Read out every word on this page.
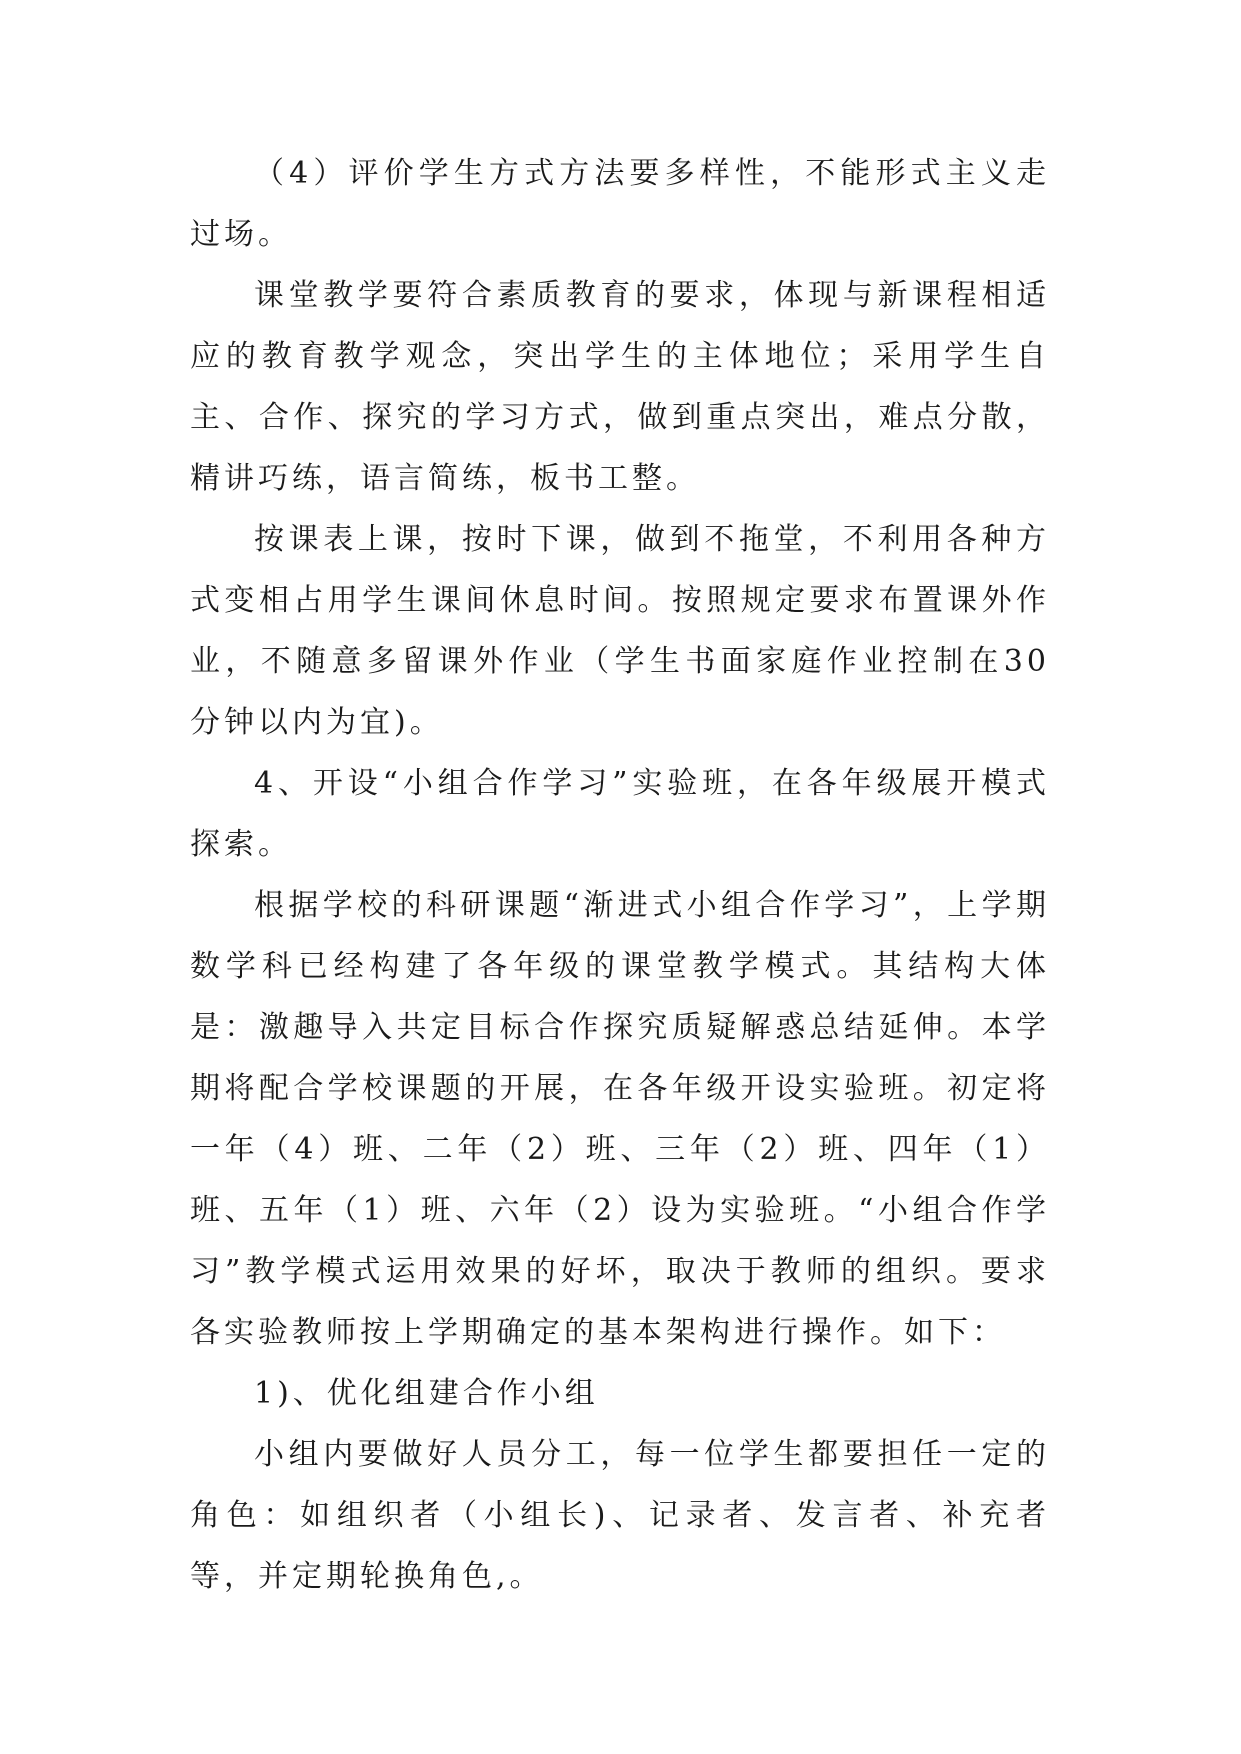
（4）评价学生方式方法要多样性，不能形式主义走过场。

课堂教学要符合素质教育的要求，体现与新课程相适应的教育教学观念，突出学生的主体地位；采用学生自主、合作、探究的学习方式，做到重点突出，难点分散，精讲巧练，语言简练，板书工整。

按课表上课，按时下课，做到不拖堂，不利用各种方式变相占用学生课间休息时间。按照规定要求布置课外作业，不随意多留课外作业（学生书面家庭作业控制在30分钟以内为宜)。

4、开设“小组合作学习”实验班，在各年级展开模式探索。

根据学校的科研课题“渐进式小组合作学习”，上学期数学科已经构建了各年级的课堂教学模式。其结构大体是：激趣导入共定目标合作探究质疑解惑总结延伸。本学期将配合学校课题的开展，在各年级开设实验班。初定将一年（4）班、二年（2）班、三年（2）班、四年（1）班、五年（1）班、六年（2）设为实验班。“小组合作学习”教学模式运用效果的好坏，取决于教师的组织。要求各实验教师按上学期确定的基本架构进行操作。如下：

1)、优化组建合作小组

小组内要做好人员分工，每一位学生都要担任一定的角色：如组织者（小组长)、记录者、发言者、补充者等，并定期轮换角色,。
